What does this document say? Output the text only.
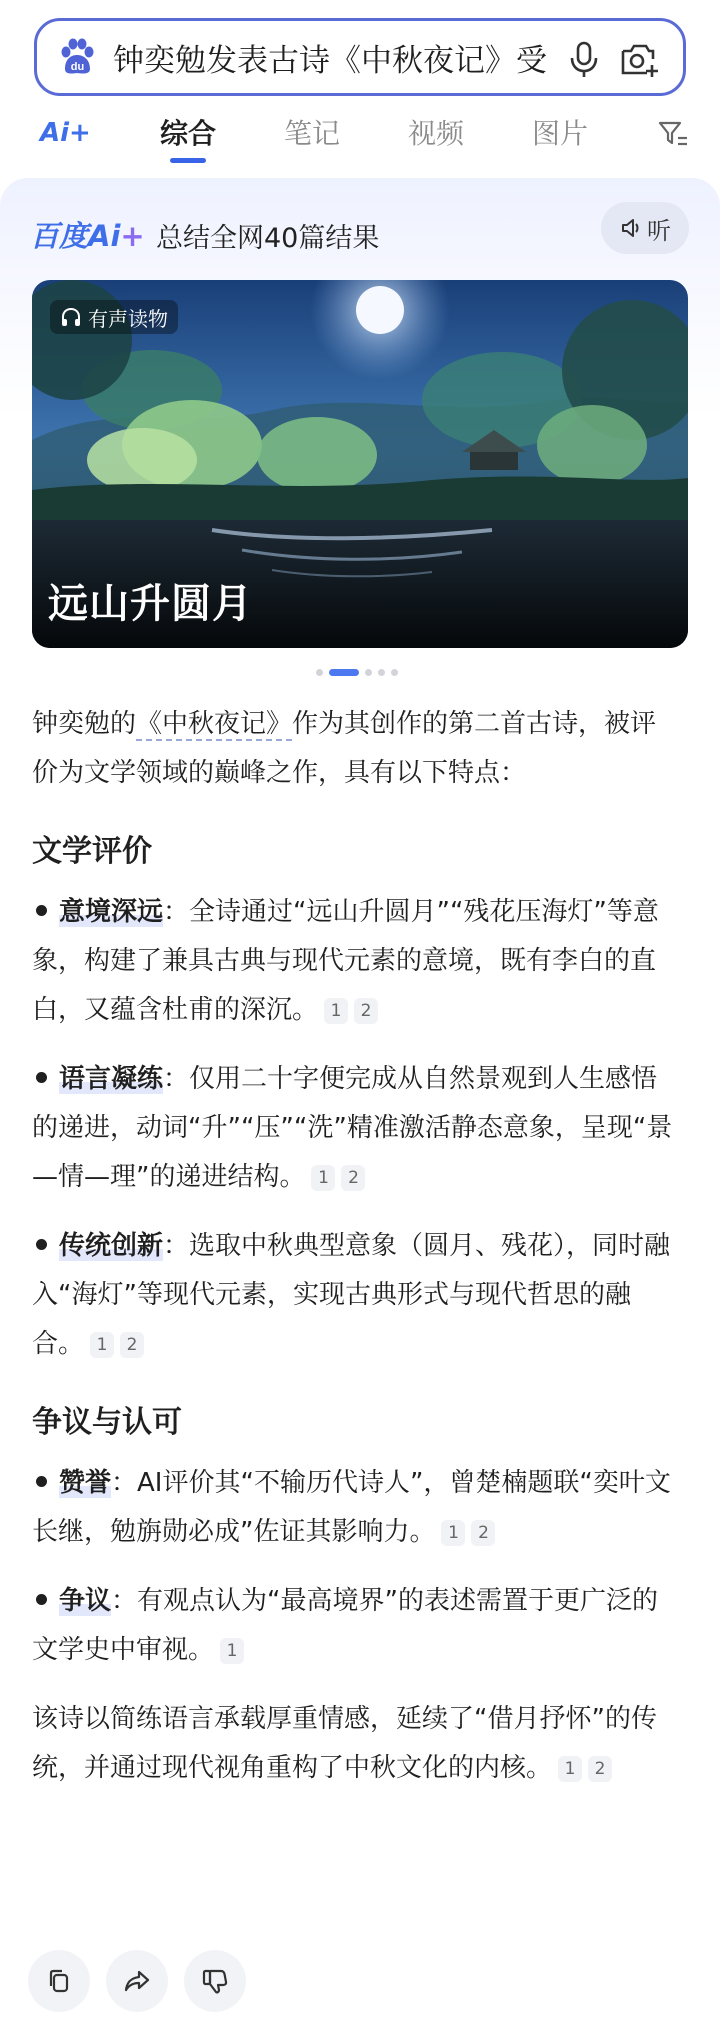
du 钟奕勉发表古诗《中秋夜记》受
Ai+ 综合 笔记 视频 图片
百度Ai+ 总结全网40篇结果	听
有声读物
远山升圆月

钟奕勉的《中秋夜记》作为其创作的第二首古诗，被评价为文学领域的巅峰之作，具有以下特点：

文学评价

意境深远：全诗通过“远山升圆月”“残花压海灯”等意象，构建了兼具古典与现代元素的意境，既有李白的直白，又蕴含杜甫的深沉。 1 2

语言凝练：仅用二十字便完成从自然景观到人生感悟的递进，动词“升”“压”“洗”精准激活静态意象，呈现“景—情—理”的递进结构。 1 2

传统创新：选取中秋典型意象（圆月、残花），同时融入“海灯”等现代元素，实现古典形式与现代哲思的融合。 1 2

争议与认可

赞誉：AI评价其“不输历代诗人”，曾楚楠题联“奕叶文长继，勉旃勋必成”佐证其影响力。 1 2

争议：有观点认为“最高境界”的表述需置于更广泛的文学史中审视。 1

该诗以简练语言承载厚重情感，延续了“借月抒怀”的传统，并通过现代视角重构了中秋文化的内核。 1 2
